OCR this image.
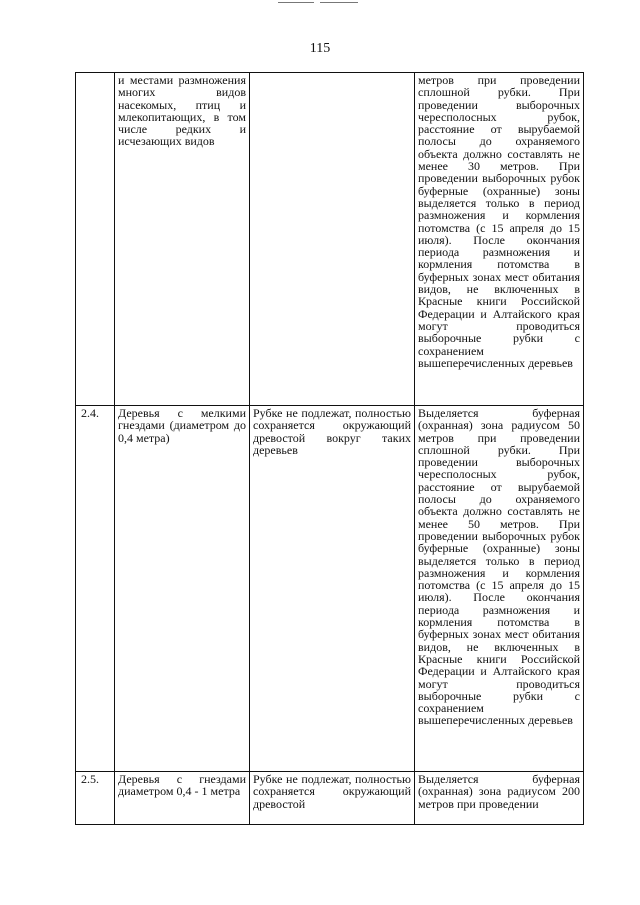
115
	и местами размножения многих видов насекомых, птиц и млекопитающих, в том числе редких и исчезающих видов		метров при проведении сплошной рубки. При проведении выборочных чересполосных рубок, расстояние от вырубаемой полосы до охраняемого объекта должно составлять не менее 30 метров. При проведении выборочных рубок буферные (охранные) зоны выделяется только в период размножения и кормления потомства (с 15 апреля до 15 июля). После окончания периода размножения и кормления потомства в буферных зонах мест обитания видов, не включенных в Красные книги Российской Федерации и Алтайского края могут проводиться выборочные рубки с сохранением вышеперечисленных деревьев
2.4.	Деревья с мелкими гнездами (диаметром до 0,4 метра)	Рубке не подлежат, полностью сохраняется окружающий древостой вокруг таких деревьев	Выделяется буферная (охранная) зона радиусом 50 метров при проведении сплошной рубки. При проведении выборочных чересполосных рубок, расстояние от вырубаемой полосы до охраняемого объекта должно составлять не менее 50 метров. При проведении выборочных рубок буферные (охранные) зоны выделяется только в период размножения и кормления потомства (с 15 апреля до 15 июля). После окончания периода размножения и кормления потомства в буферных зонах мест обитания видов, не включенных в Красные книги Российской Федерации и Алтайского края могут проводиться выборочные рубки с сохранением вышеперечисленных деревьев
2.5.	Деревья с гнездами диаметром 0,4 - 1 метра	Рубке не подлежат, полностью сохраняется окружающий древостой	Выделяется буферная (охранная) зона радиусом 200 метров при проведении
